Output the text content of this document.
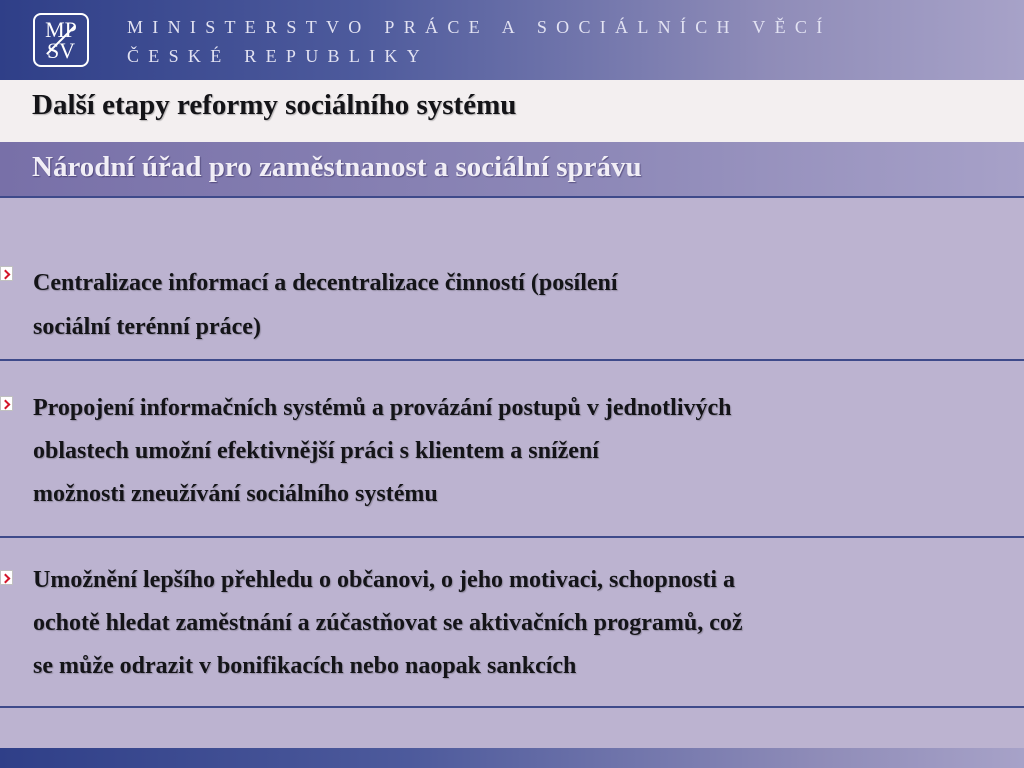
MP
SV
MINISTERSTVO PRÁCE A SOCIÁLNÍCH VĚCÍ
ČESKÉ REPUBLIKY
Další etapy reformy sociálního systému
Národní úřad pro zaměstnanost a sociální správu
Centralizace informací a decentralizace činností (posílení
sociální terénní práce)
Propojení informačních systémů a provázání postupů v jednotlivých
oblastech umožní efektivnější práci s klientem a snížení
možnosti zneužívání sociálního systému
Umožnění lepšího přehledu o občanovi, o jeho motivaci, schopnosti a
ochotě hledat zaměstnání a zúčastňovat se aktivačních programů, což
se může odrazit v bonifikacích nebo naopak sankcích
